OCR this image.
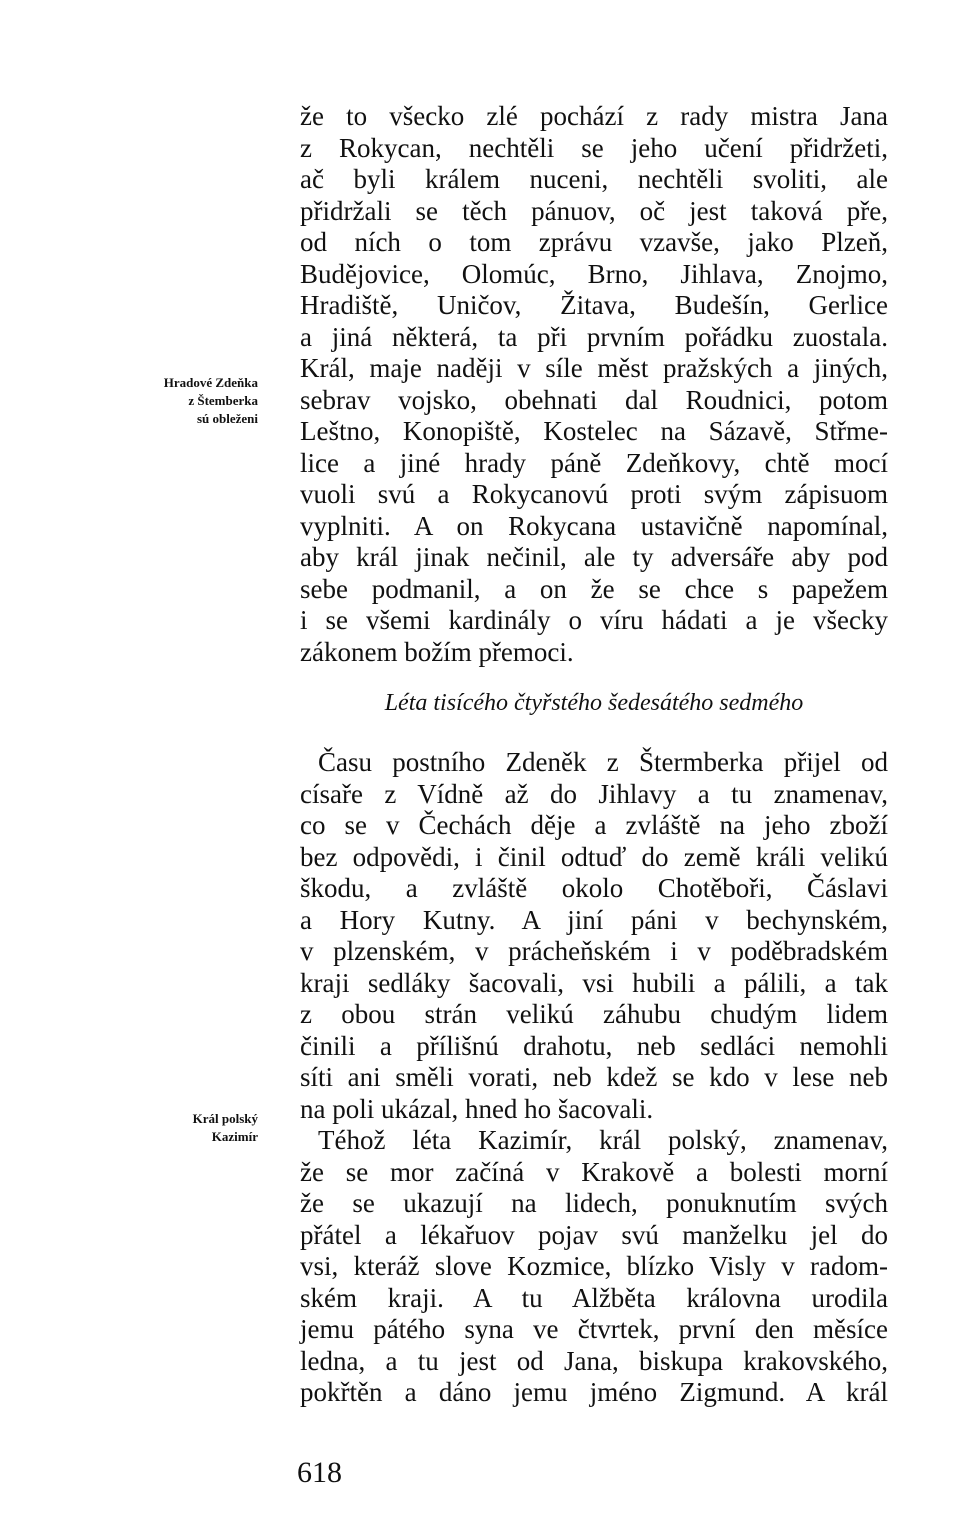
že to všecko zlé pochází z rady mistra Jana
z Rokycan, nechtěli se jeho učení přidržeti,
ač byli králem nuceni, nechtěli svoliti, ale
přidržali se těch pánuov, oč jest taková pře,
od ních o tom zprávu vzavše, jako Plzeň,
Budějovice, Olomúc, Brno, Jihlava, Znojmo,
Hradiště, Uničov, Žitava, Budešín, Gerlice
a jiná některá, ta při prvním pořádku zuostala.
Král, maje naději v síle měst pražských a jiných,
sebrav vojsko, obehnati dal Roudnici, potom
Leštno, Konopiště, Kostelec na Sázavě, Střme-
lice a jiné hrady páně Zdeňkovy, chtě mocí
vuoli svú a Rokycanovú proti svým zápisuom
vyplniti. A on Rokycana ustavičně napomínal,
aby král jinak nečinil, ale ty adversáře aby pod
sebe podmanil, a on že se chce s papežem
i se všemi kardinály o víru hádati a je všecky
zákonem božím přemoci.
Hradové Zdeňka
z Štemberka
sú obleženi
Léta tisícého čtyřstého šedesátého sedmého
Času postního Zdeněk z Štermberka přijel od
císaře z Vídně až do Jihlavy a tu znamenav,
co se v Čechách děje a zvláště na jeho zboží
bez odpovědi, i činil odtuď do země králi velikú
škodu, a zvláště okolo Chotěboři, Čáslavi
a Hory Kutny. A jiní páni v bechynském,
v plzenském, v prácheňském i v poděbradském
kraji sedláky šacovali, vsi hubili a pálili, a tak
z obou strán velikú záhubu chudým lidem
činili a přílišnú drahotu, neb sedláci nemohli
síti ani směli vorati, neb kdež se kdo v lese neb
na poli ukázal, hned ho šacovali.
Téhož léta Kazimír, král polský, znamenav,
že se mor začíná v Krakově a bolesti morní
že se ukazují na lidech, ponuknutím svých
přátel a lékařuov pojav svú manželku jel do
vsi, kteráž slove Kozmice, blízko Visly v radom-
ském kraji. A tu Alžběta královna urodila
jemu pátého syna ve čtvrtek, první den měsíce
ledna, a tu jest od Jana, biskupa krakovského,
pokřtěn a dáno jemu jméno Zigmund. A král
Král polský
Kazimír
618
